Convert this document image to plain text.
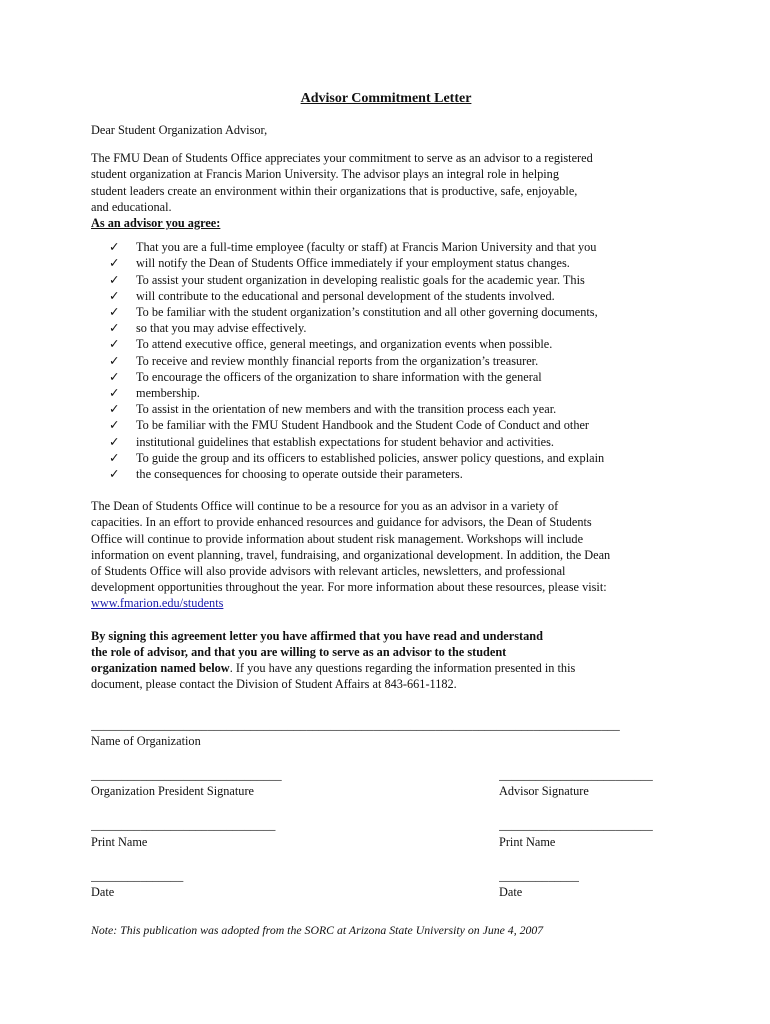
Advisor Commitment Letter

Dear Student Organization Advisor,

The FMU Dean of Students Office appreciates your commitment to serve as an advisor to a registered
student organization at Francis Marion University. The advisor plays an integral role in helping
student leaders create an environment within their organizations that is productive, safe, enjoyable,
and educational.
As an advisor you agree:
✓ That you are a full-time employee (faculty or staff) at Francis Marion University and that you
✓ will notify the Dean of Students Office immediately if your employment status changes.
✓ To assist your student organization in developing realistic goals for the academic year. This
✓ will contribute to the educational and personal development of the students involved.
✓ To be familiar with the student organization’s constitution and all other governing documents,
✓ so that you may advise effectively.
✓ To attend executive office, general meetings, and organization events when possible.
✓ To receive and review monthly financial reports from the organization’s treasurer.
✓ To encourage the officers of the organization to share information with the general
✓ membership.
✓ To assist in the orientation of new members and with the transition process each year.
✓ To be familiar with the FMU Student Handbook and the Student Code of Conduct and other
✓ institutional guidelines that establish expectations for student behavior and activities.
✓ To guide the group and its officers to established policies, answer policy questions, and explain
✓ the consequences for choosing to operate outside their parameters.
The Dean of Students Office will continue to be a resource for you as an advisor in a variety of
capacities. In an effort to provide enhanced resources and guidance for advisors, the Dean of Students
Office will continue to provide information about student risk management. Workshops will include
information on event planning, travel, fundraising, and organizational development. In addition, the Dean
of Students Office will also provide advisors with relevant articles, newsletters, and professional
development opportunities throughout the year. For more information about these resources, please visit:
www.fmarion.edu/students
By signing this agreement letter you have affirmed that you have read and understand
the role of advisor, and that you are willing to serve as an advisor to the student
organization named below. If you have any questions regarding the information presented in this
document, please contact the Division of Student Affairs at 843-661-1182.
______________________________________________________________________________________
Name of Organization
_______________________________
Organization President Signature
_________________________
Advisor Signature
______________________________
Print Name
_________________________
Print Name
_______________
Date
_____________
Date
Note: This publication was adopted from the SORC at Arizona State University on June 4, 2007
